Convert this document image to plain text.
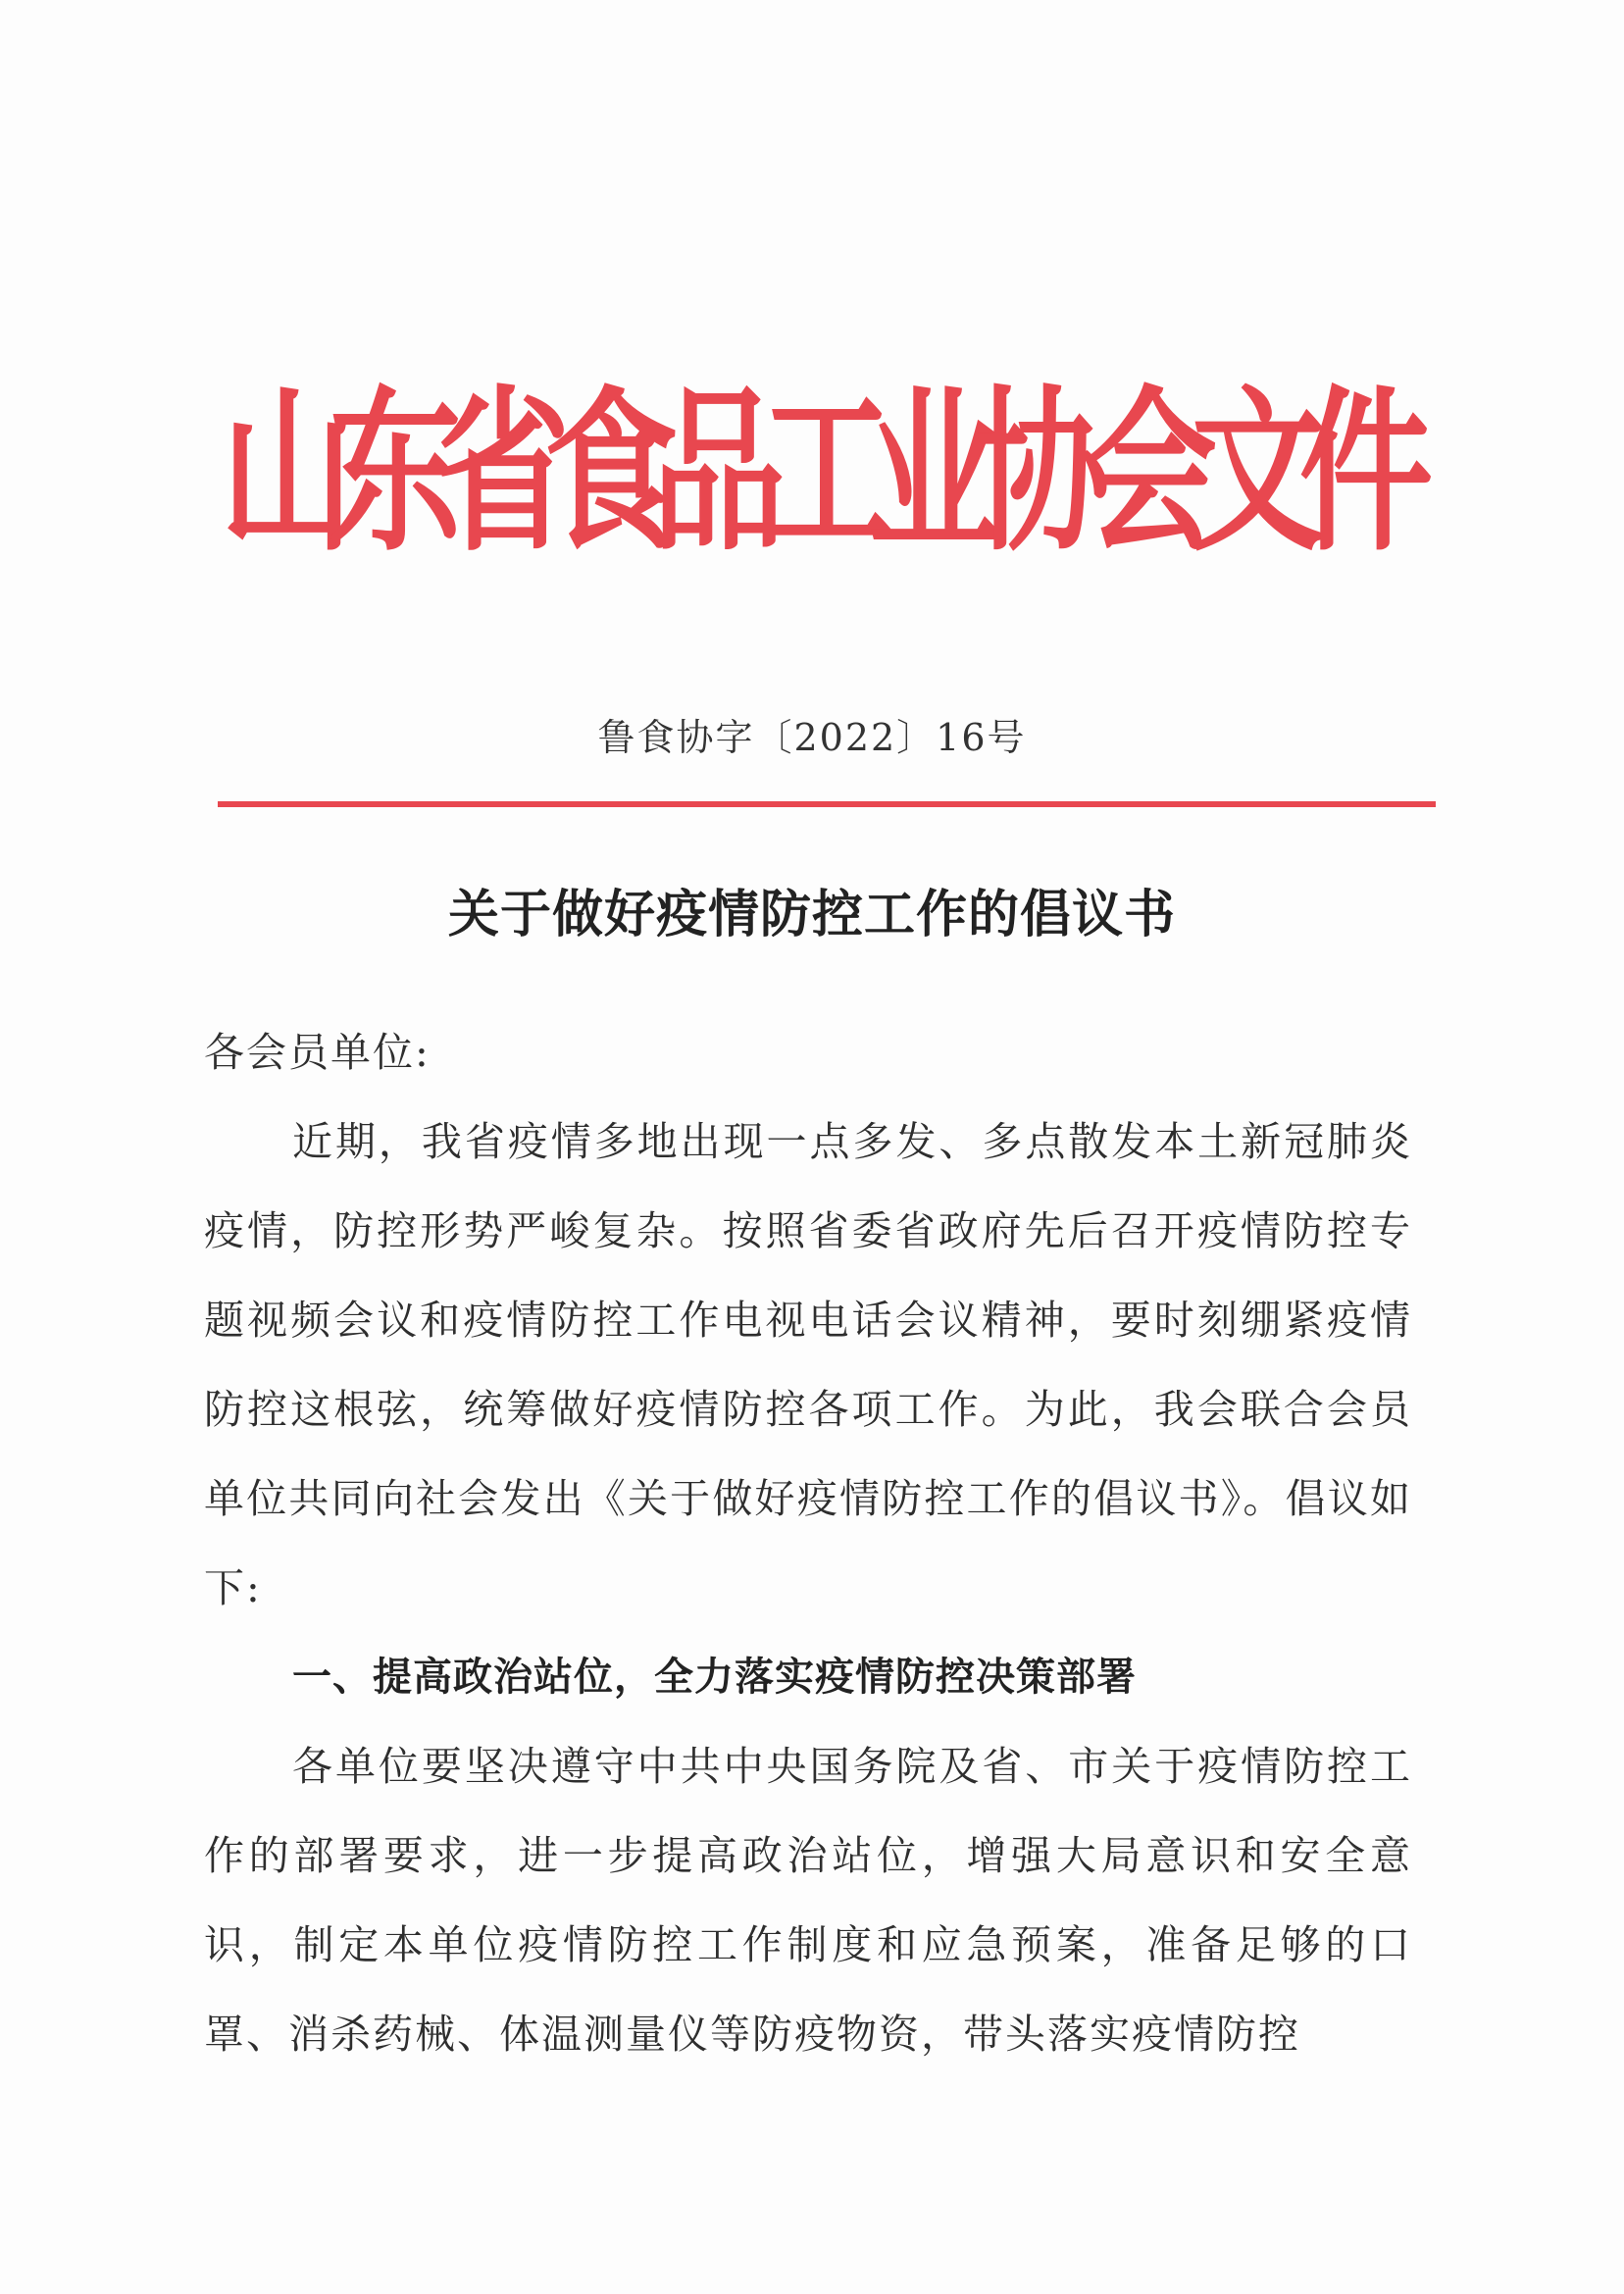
山东省食品工业协会文件

鲁食协字〔2022〕16号

关于做好疫情防控工作的倡议书

各会员单位:

近期，我省疫情多地出现一点多发、多点散发本土新冠肺炎疫情，防控形势严峻复杂。按照省委省政府先后召开疫情防控专题视频会议和疫情防控工作电视电话会议精神，要时刻绷紧疫情防控这根弦，统筹做好疫情防控各项工作。为此，我会联合会员单位共同向社会发出《关于做好疫情防控工作的倡议书》。倡议如下:

一、提高政治站位，全力落实疫情防控决策部署

各单位要坚决遵守中共中央国务院及省、市关于疫情防控工作的部署要求，进一步提高政治站位，增强大局意识和安全意识，制定本单位疫情防控工作制度和应急预案，准备足够的口罩、消杀药械、体温测量仪等防疫物资，带头落实疫情防控
